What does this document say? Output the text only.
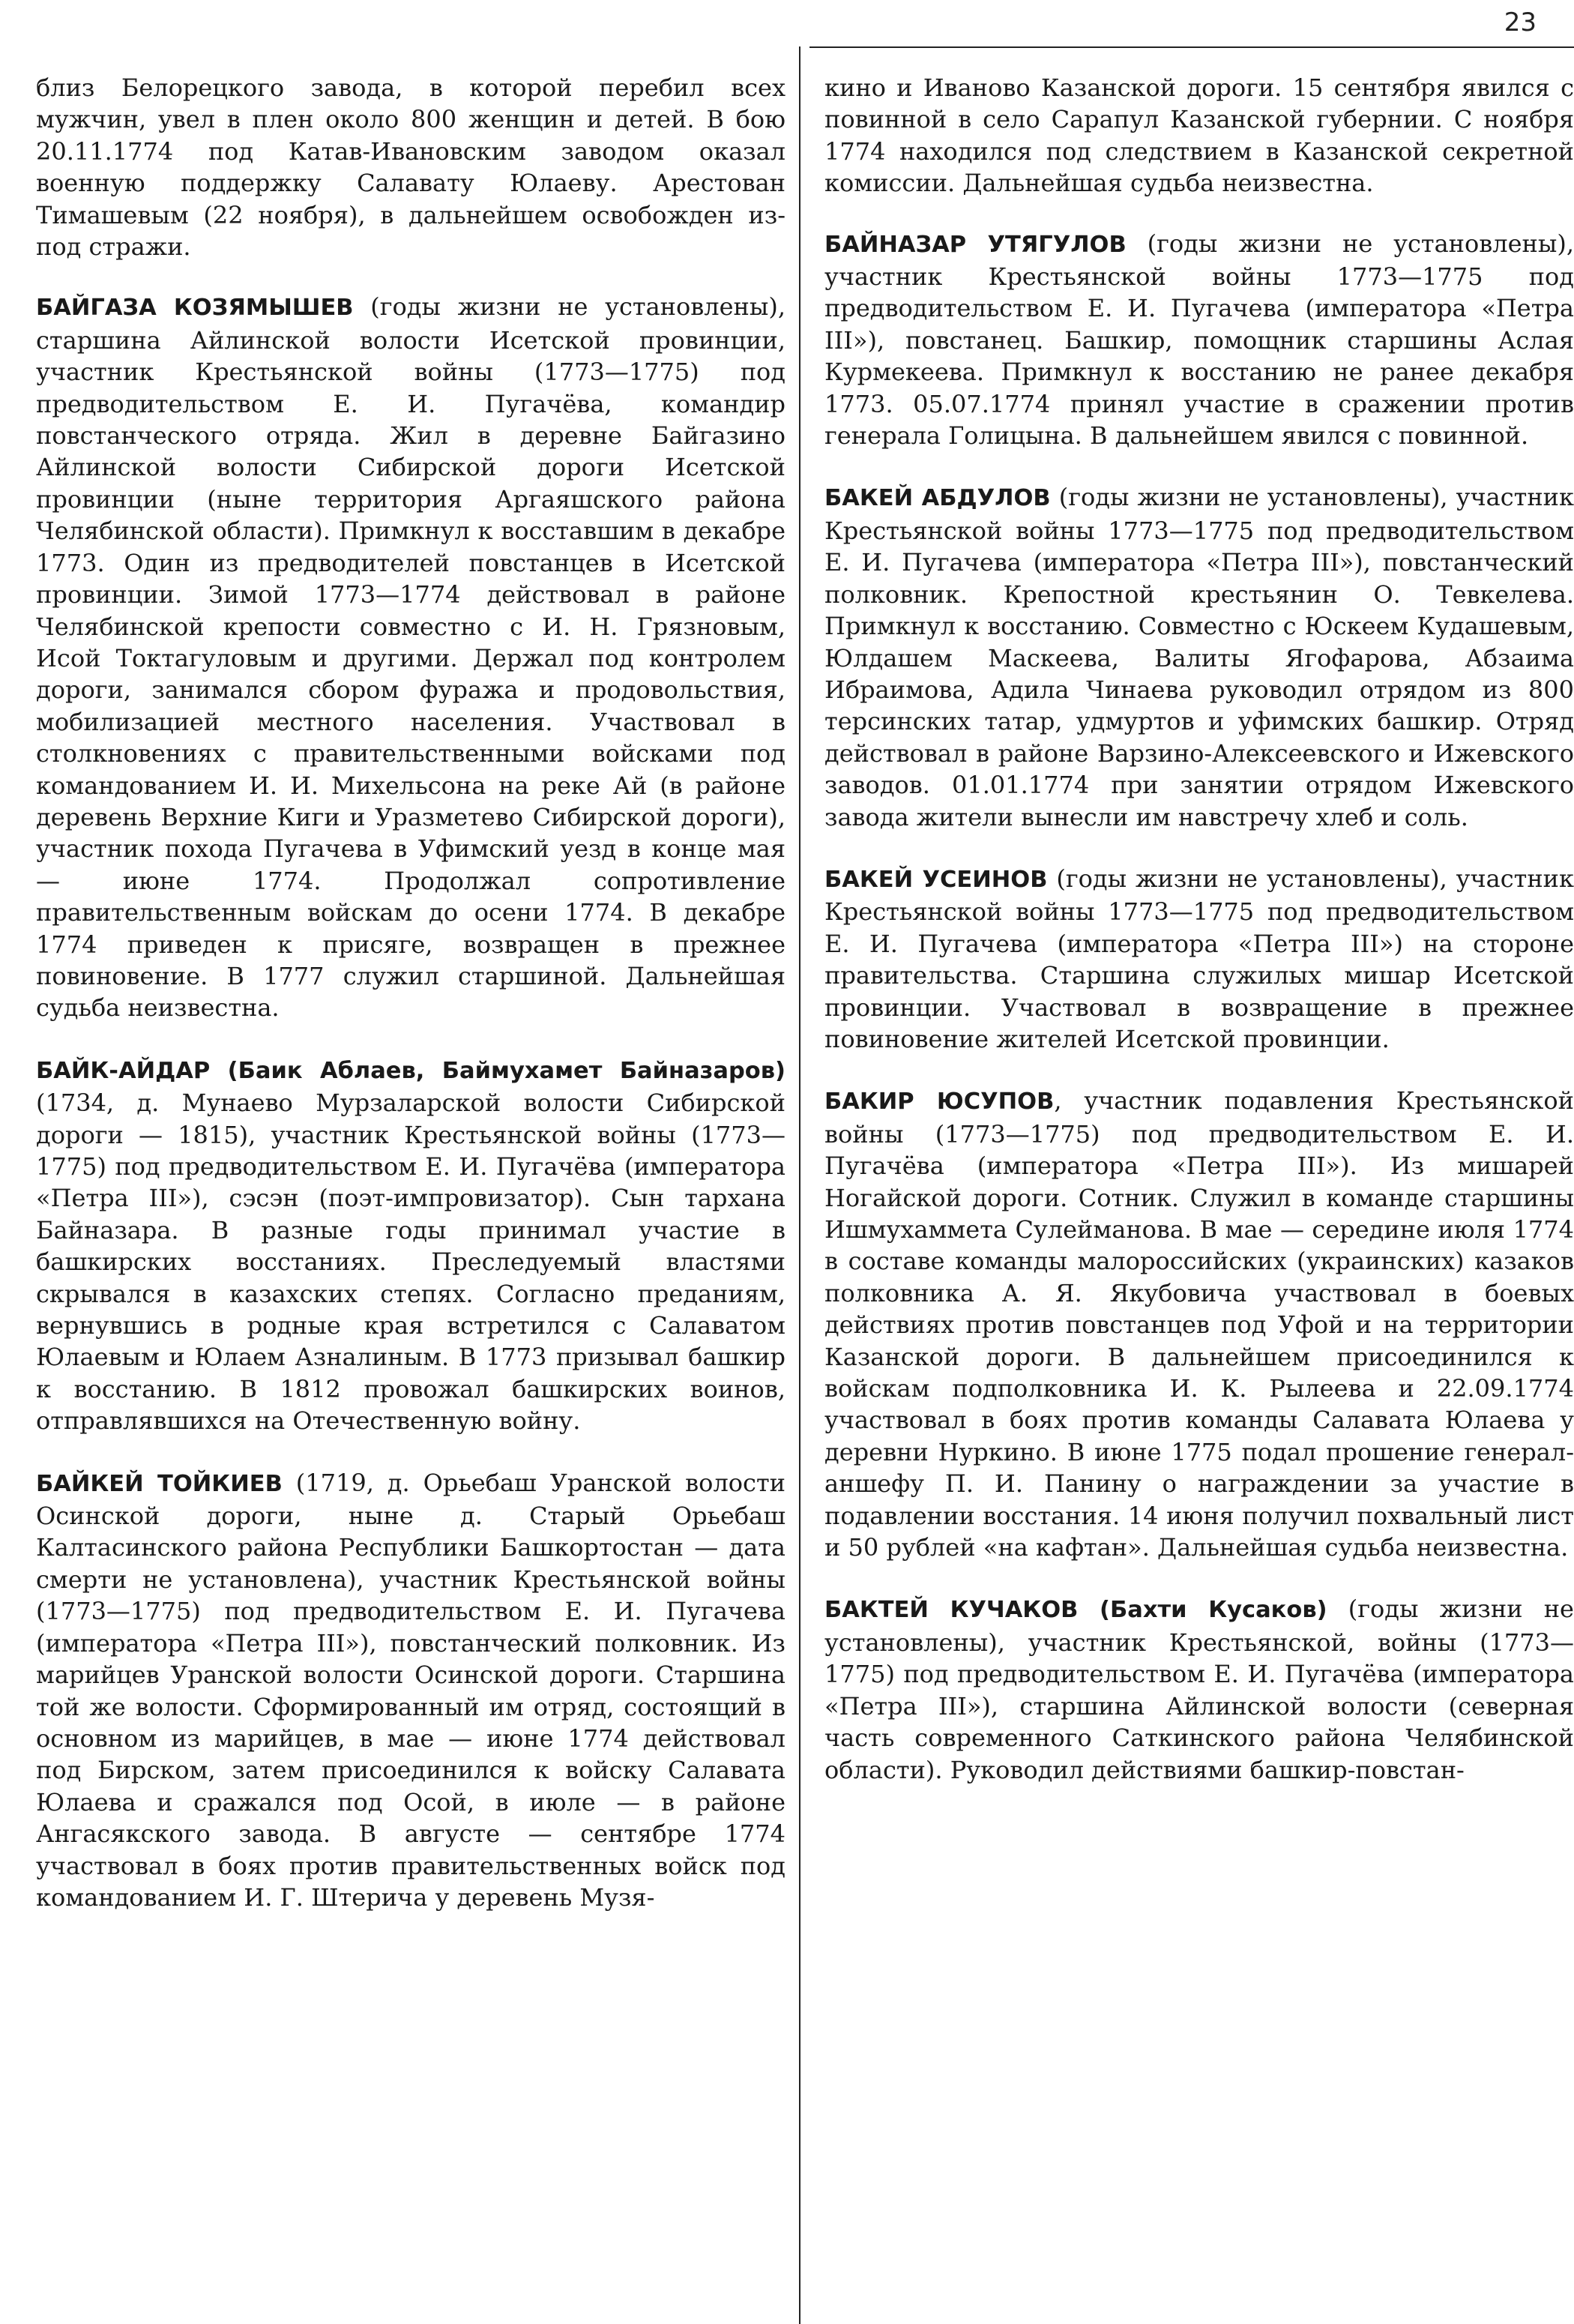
23

близ Белорецкого завода, в которой перебил всех мужчин, увел в плен около 800 женщин и детей. В бою 20.11.1774 под Катав-Ивановским заводом оказал военную поддержку Салавату Юлаеву. Арестован Тимашевым (22 ноября), в дальнейшем освобожден из-под стражи.

БАЙГАЗА КОЗЯМЫШЕВ (годы жизни не установлены), старшина Айлинской волости Исетской провинции, участник Крестьянской войны (1773—1775) под предводительством Е. И. Пугачёва, командир повстанческого отряда. Жил в деревне Байгазино Айлинской волости Сибирской дороги Исетской провинции (ныне территория Аргаяшского района Челябинской области). Примкнул к восставшим в декабре 1773. Один из предводителей повстанцев в Исетской провинции. Зимой 1773—1774 действовал в районе Челябинской крепости совместно с И. Н. Грязновым, Исой Токтагуловым и другими. Держал под контролем дороги, занимался сбором фуража и продовольствия, мобилизацией местного населения. Участвовал в столкновениях с правительственными войсками под командованием И. И. Михельсона на реке Ай (в районе деревень Верхние Киги и Уразметево Сибирской дороги), участник похода Пугачева в Уфимский уезд в конце мая — июне 1774. Продолжал сопротивление правительственным войскам до осени 1774. В декабре 1774 приведен к присяге, возвращен в прежнее повиновение. В 1777 служил старшиной. Дальнейшая судьба неизвестна.

БАЙК-АЙДАР (Баик Аблаев, Баймухамет Байназаров) (1734, д. Мунаево Мурзаларской волости Сибирской дороги — 1815), участник Крестьянской войны (1773—1775) под предводительством Е. И. Пугачёва (императора «Петра III»), сэсэн (поэт-импровизатор). Сын тархана Байназара. В разные годы принимал участие в башкирских восстаниях. Преследуемый властями скрывался в казахских степях. Согласно преданиям, вернувшись в родные края встретился с Салаватом Юлаевым и Юлаем Азналиным. В 1773 призывал башкир к восстанию. В 1812 провожал башкирских воинов, отправлявшихся на Отечественную войну.

БАЙКЕЙ ТОЙКИЕВ (1719, д. Орьебаш Уранской волости Осинской дороги, ныне д. Старый Орьебаш Калтасинского района Республики Башкортостан — дата смерти не установлена), участник Крестьянской войны (1773—1775) под предводительством Е. И. Пугачева (императора «Петра III»), повстанческий полковник. Из марийцев Уранской волости Осинской дороги. Старшина той же волости. Сформированный им отряд, состоящий в основном из марийцев, в мае — июне 1774 действовал под Бирском, затем присоединился к войску Салавата Юлаева и сражался под Осой, в июле — в районе Ангасякского завода. В августе — сентябре 1774 участвовал в боях против правительственных войск под командованием И. Г. Штерича у деревень Музя-

кино и Иваново Казанской дороги. 15 сентября явился с повинной в село Сарапул Казанской губернии. С ноября 1774 находился под следствием в Казанской секретной комиссии. Дальнейшая судьба неизвестна.

БАЙНАЗАР УТЯГУЛОВ (годы жизни не установлены), участник Крестьянской войны 1773—1775 под предводительством Е. И. Пугачева (императора «Петра III»), повстанец. Башкир, помощник старшины Аслая Курмекеева. Примкнул к восстанию не ранее декабря 1773. 05.07.1774 принял участие в сражении против генерала Голицына. В дальнейшем явился с повинной.

БАКЕЙ АБДУЛОВ (годы жизни не установлены), участник Крестьянской войны 1773—1775 под предводительством Е. И. Пугачева (императора «Петра III»), повстанческий полковник. Крепостной крестьянин О. Тевкелева. Примкнул к восстанию. Совместно с Юскеем Кудашевым, Юлдашем Маскеева, Валиты Ягофарова, Абзаима Ибраимова, Адила Чинаева руководил отрядом из 800 терсинских татар, удмуртов и уфимских башкир. Отряд действовал в районе Варзино-Алексеевского и Ижевского заводов. 01.01.1774 при занятии отрядом Ижевского завода жители вынесли им навстречу хлеб и соль.

БАКЕЙ УСЕИНОВ (годы жизни не установлены), участник Крестьянской войны 1773—1775 под предводительством Е. И. Пугачева (императора «Петра III») на стороне правительства. Старшина служилых мишар Исетской провинции. Участвовал в возвращение в прежнее повиновение жителей Исетской провинции.

БАКИР ЮСУПОВ, участник подавления Крестьянской войны (1773—1775) под предводительством Е. И. Пугачёва (императора «Петра III»). Из мишарей Ногайской дороги. Сотник. Служил в команде старшины Ишмухаммета Сулейманова. В мае — середине июля 1774 в составе команды малороссийских (украинских) казаков полковника А. Я. Якубовича участвовал в боевых действиях против повстанцев под Уфой и на территории Казанской дороги. В дальнейшем присоединился к войскам подполковника И. К. Рылеева и 22.09.1774 участвовал в боях против команды Салавата Юлаева у деревни Нуркино. В июне 1775 подал прошение генерал-аншефу П. И. Панину о награждении за участие в подавлении восстания. 14 июня получил похвальный лист и 50 рублей «на кафтан». Дальнейшая судьба неизвестна.

БАКТЕЙ КУЧАКОВ (Бахти Кусаков) (годы жизни не установлены), участник Крестьянской, войны (1773—1775) под предводительством Е. И. Пугачёва (императора «Петра III»), старшина Айлинской волости (северная часть современного Саткинского района Челябинской области). Руководил действиями башкир-повстан-
